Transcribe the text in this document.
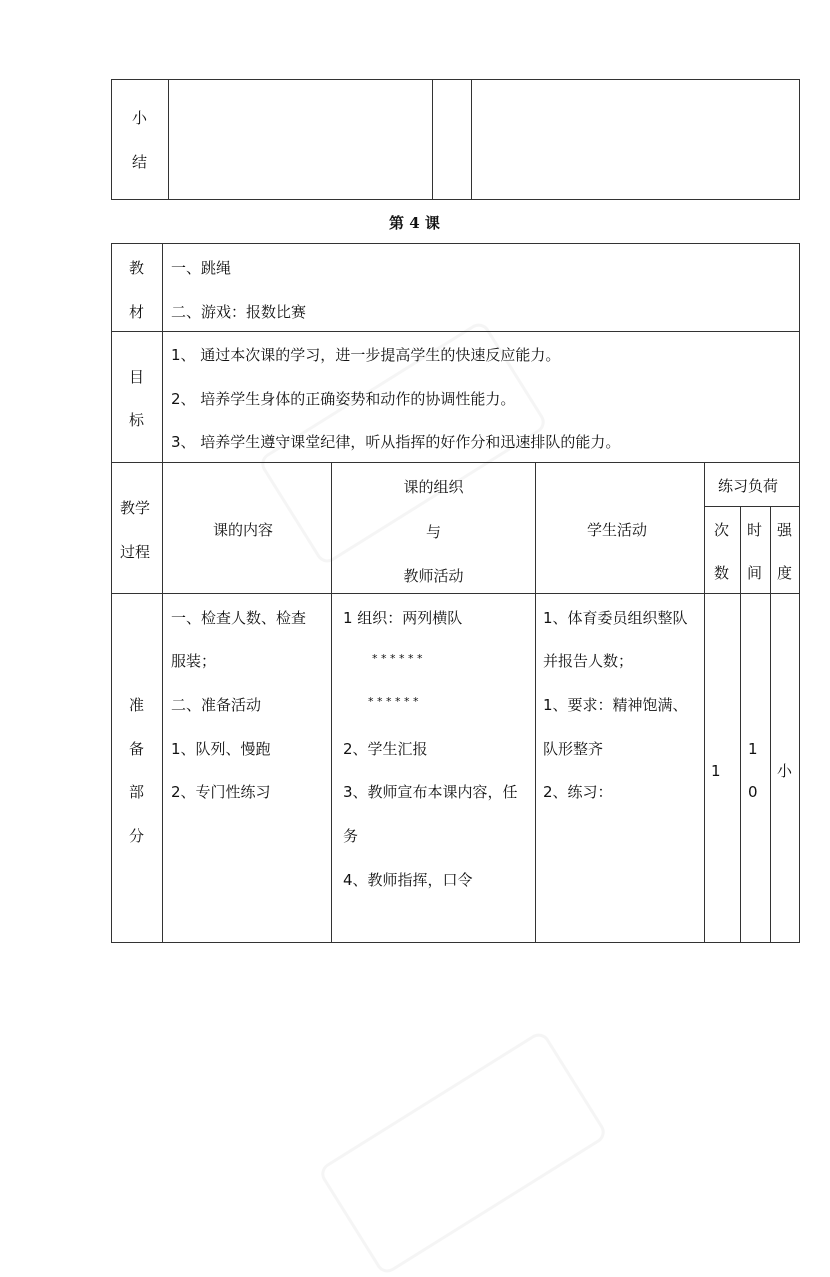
小
结
第 4 课
教
材
一、跳绳
二、游戏：报数比赛
目
标
1、 通过本次课的学习，进一步提高学生的快速反应能力。
2、 培养学生身体的正确姿势和动作的协调性能力。
3、 培养学生遵守课堂纪律，听从指挥的好作分和迅速排队的能力。
教学
过程
课的内容
课的组织
与
教师活动
学生活动
练习负荷
次
数
时
间
强
度
准
备
部
分
一、检查人数、检查
服装；
二、准备活动
1、队列、慢跑
2、专门性练习
1 组织：两列横队
* * * * * *
* * * * * *
2、学生汇报
3、教师宣布本课内容，任
务
4、教师指挥，口令
1、体育委员组织整队
并报告人数；
1、要求：精神饱满、
队形整齐
2、练习：
1
1
0
小
